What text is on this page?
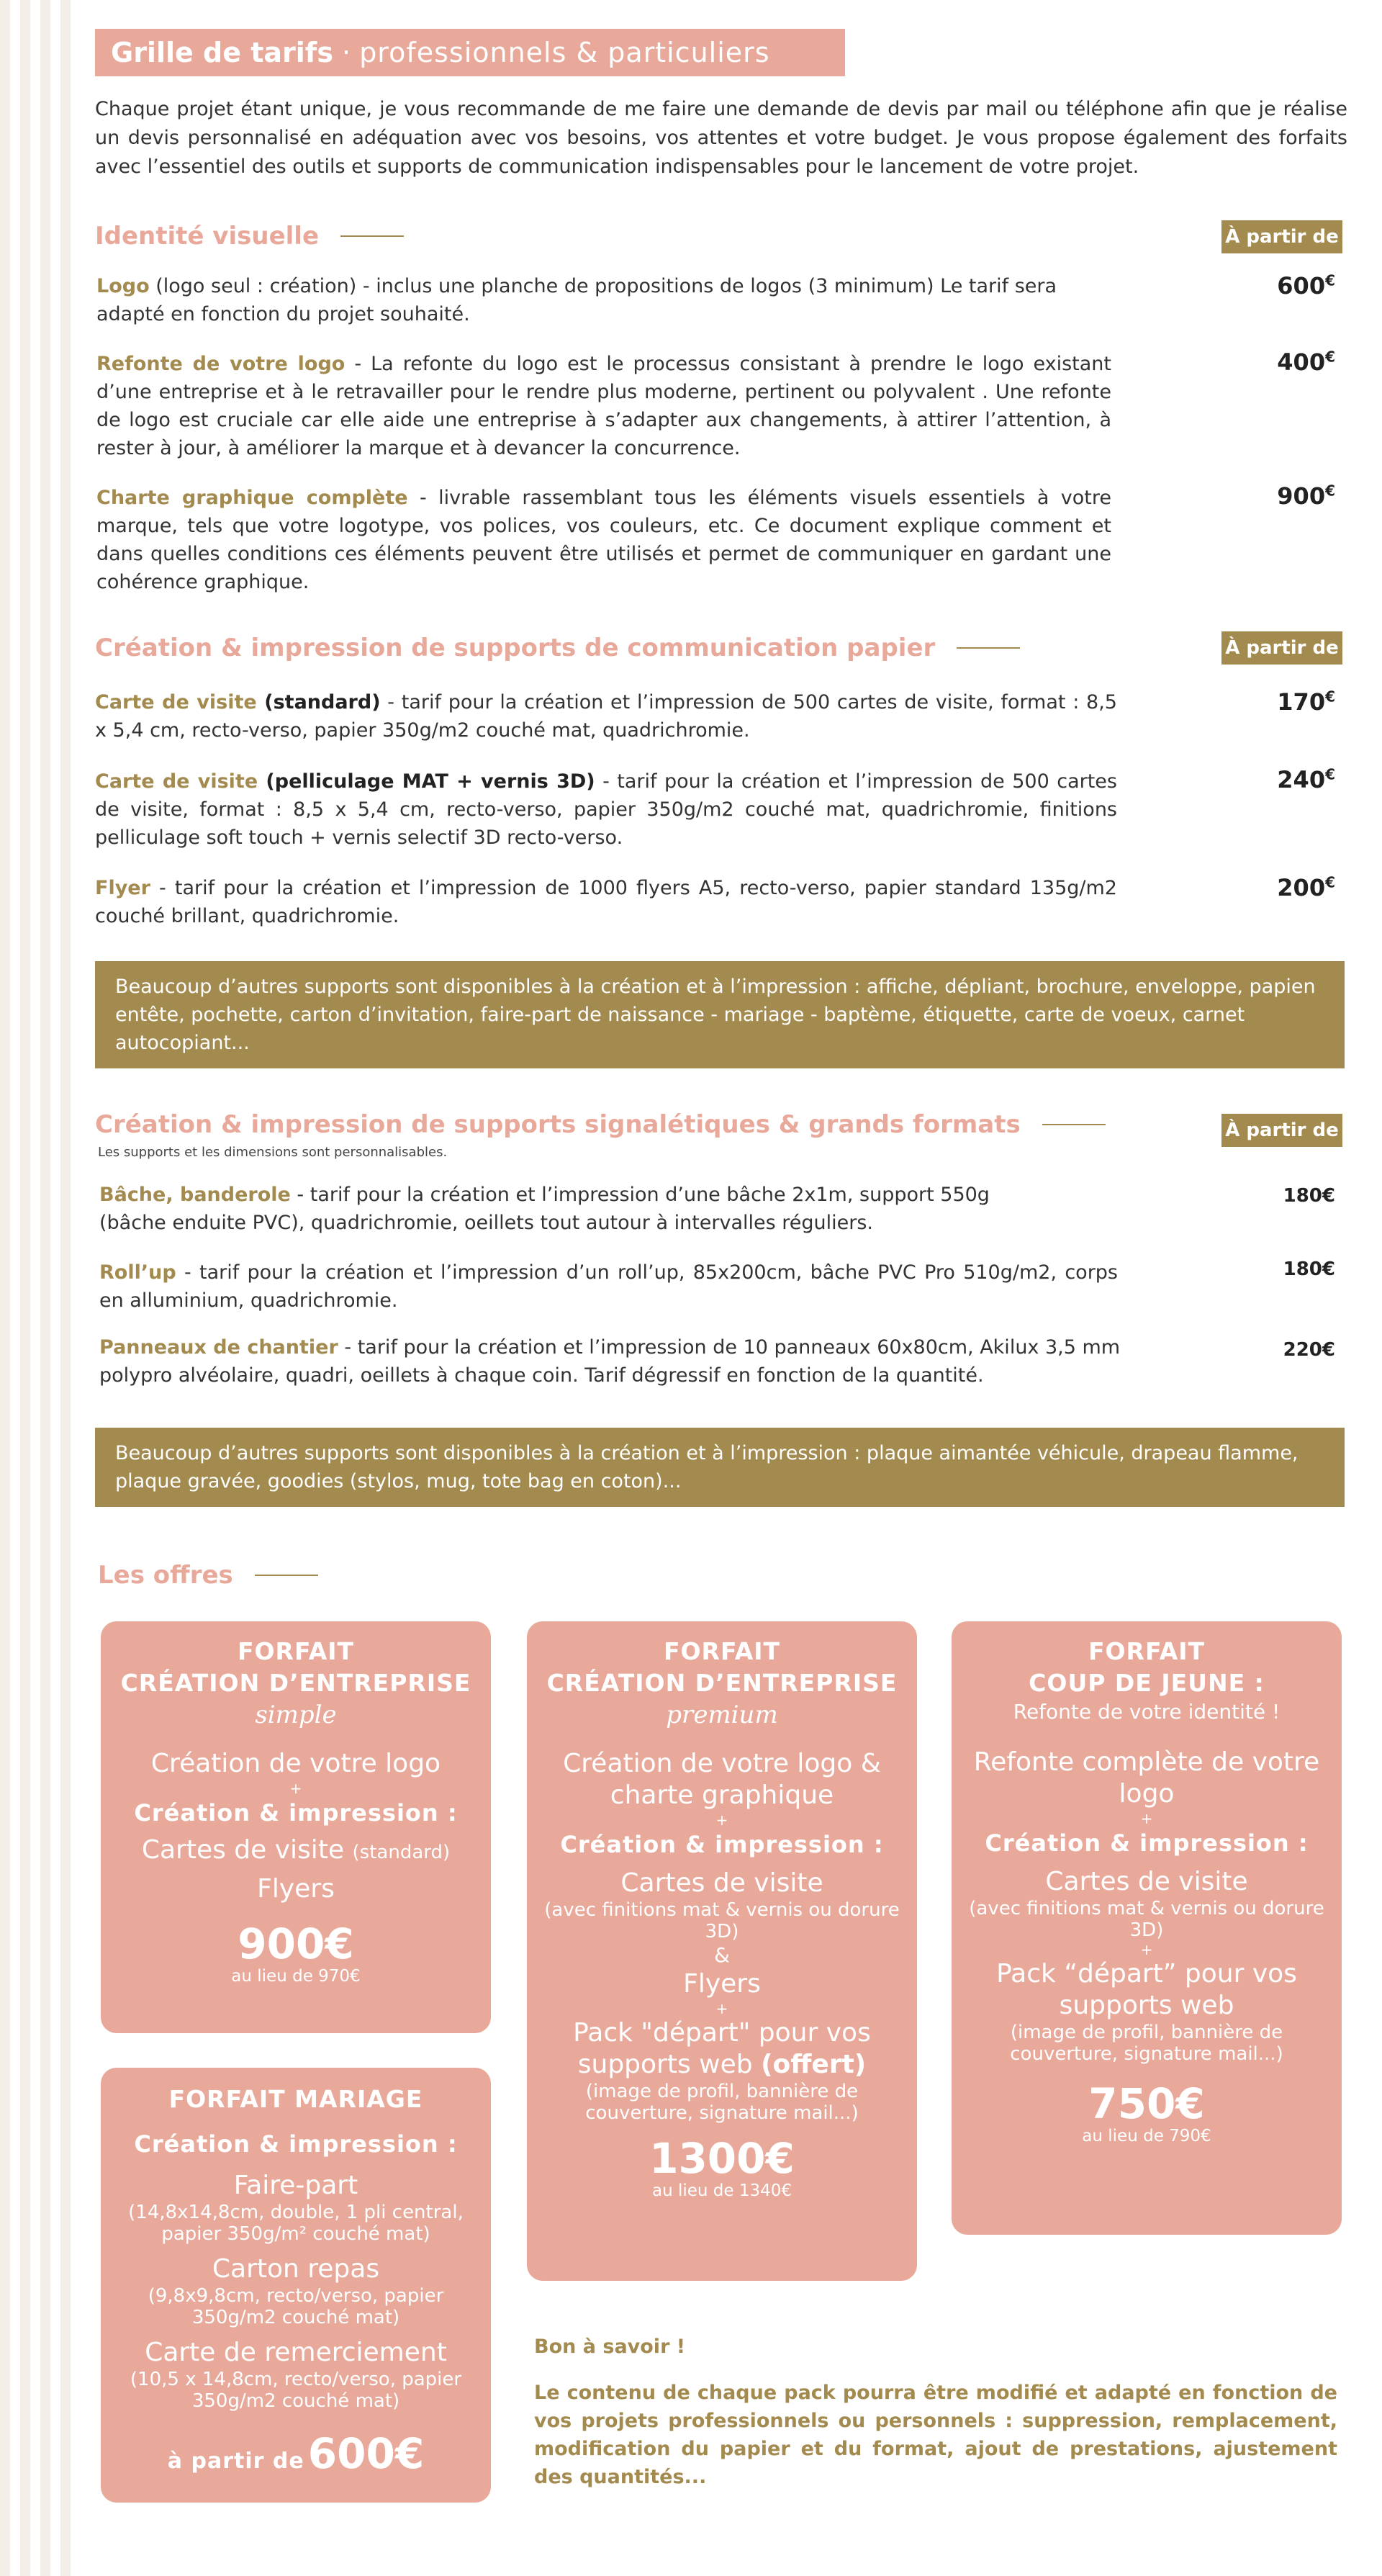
Grille de tarifs · professionnels & particuliers	2025
Chaque projet étant unique, je vous recommande de me faire une demande de devis par mail ou téléphone afin que je réalise un devis personnalisé en adéquation avec vos besoins, vos attentes et votre budget. Je vous propose également des forfaits avec l’essentiel des outils et supports de communication indispensables pour le lancement de votre projet.
Identité visuelle	À partir de
Logo (logo seul : création) - inclus une planche de propositions de logos (3 minimum) Le tarif sera adapté en fonction du projet souhaité.
600€
Refonte de votre logo - La refonte du logo est le processus consistant à prendre le logo existant d’une entreprise et à le retravailler pour le rendre plus moderne, pertinent ou polyvalent . Une refonte de logo est cruciale car elle aide une entreprise à s’adapter aux changements, à attirer l’attention, à rester à jour, à améliorer la marque et à devancer la concurrence.
400€
Charte graphique complète - livrable rassemblant tous les éléments visuels essentiels à votre marque, tels que votre logotype, vos polices, vos couleurs, etc. Ce document explique comment et dans quelles conditions ces éléments peuvent être utilisés et permet de communiquer en gardant une cohérence graphique.
900€
Création & impression de supports de communication papier	À partir de
Carte de visite (standard) - tarif pour la création et l’impression de 500 cartes de visite, format : 8,5 x 5,4 cm, recto-verso, papier 350g/m2 couché mat, quadrichromie.
170€
Carte de visite (pelliculage MAT + vernis 3D) - tarif pour la création et l’impression de 500 cartes de visite, format : 8,5 x 5,4 cm, recto-verso, papier 350g/m2 couché mat, quadrichromie, finitions pelliculage soft touch + vernis selectif 3D recto-verso.
240€
Flyer - tarif pour la création et l’impression de 1000 flyers A5, recto-verso, papier standard 135g/m2 couché brillant, quadrichromie.
200€
Beaucoup d’autres supports sont disponibles à la création et à l’impression : affiche, dépliant, brochure, enveloppe, papien entête, pochette, carton d’invitation, faire-part de naissance - mariage - baptème, étiquette, carte de voeux, carnet autocopiant...
Création & impression de supports signalétiques & grands formats
Les supports et les dimensions sont personnalisables.
À partir de
Bâche, banderole - tarif pour la création et l’impression d’une bâche 2x1m, support 550g (bâche enduite PVC), quadrichromie, oeillets tout autour à intervalles réguliers.
180€
Roll’up - tarif pour la création et l’impression d’un roll’up, 85x200cm, bâche PVC Pro 510g/m2, corps en alluminium, quadrichromie.
180€
Panneaux de chantier - tarif pour la création et l’impression de 10 panneaux 60x80cm, Akilux 3,5 mm polypro alvéolaire, quadri, oeillets à chaque coin. Tarif dégressif en fonction de la quantité.
220€
Beaucoup d’autres supports sont disponibles à la création et à l’impression : plaque aimantée véhicule, drapeau flamme, plaque gravée, goodies (stylos, mug, tote bag en coton)...
Les offres
FORFAIT
CRÉATION D’ENTREPRISE
simple
Création de votre logo
+
Création & impression :
Cartes de visite (standard)
Flyers
900€
au lieu de 970€
FORFAIT
CRÉATION D’ENTREPRISE
premium
Création de votre logo & charte graphique
+
Création & impression :
Cartes de visite
(avec finitions mat & vernis ou dorure 3D)
&
Flyers
+
Pack "départ" pour vos supports web (offert)
(image de profil, bannière de couverture, signature mail...)
1300€
au lieu de 1340€
FORFAIT
COUP DE JEUNE :
Refonte de votre identité !
Refonte complète de votre logo
+
Création & impression :
Cartes de visite
(avec finitions mat & vernis ou dorure 3D)
+
Pack “départ” pour vos supports web
(image de profil, bannière de couverture, signature mail...)
750€
au lieu de 790€
FORFAIT MARIAGE
Création & impression :
Faire-part
(14,8x14,8cm, double, 1 pli central, papier 350g/m² couché mat)
Carton repas
(9,8x9,8cm, recto/verso, papier 350g/m2 couché mat)
Carte de remerciement
(10,5 x 14,8cm, recto/verso, papier 350g/m2 couché mat)
à partir de 600€
Bon à savoir !
Le contenu de chaque pack pourra être modifié et adapté en fonction de vos projets professionnels ou personnels : suppression, remplacement, modification du papier et du format, ajout de prestations, ajustement des quantités...
